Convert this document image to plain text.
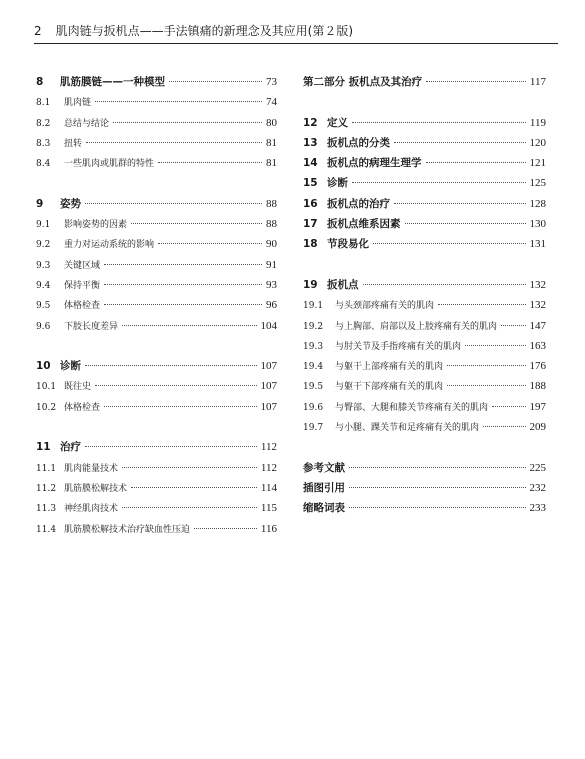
2 肌肉链与扳机点——手法镇痛的新理念及其应用(第２版)
8	肌筋膜链——一种模型	73
8.1	肌肉链	74
8.2	总结与结论	80
8.3	扭转	81
8.4	一些肌肉或肌群的特性	81
9	姿势	88
9.1	影响姿势的因素	88
9.2	重力对运动系统的影响	90
9.3	关键区域	91
9.4	保持平衡	93
9.5	体格检查	96
9.6	下肢长度差异	104
10 诊断	107
10.1 既往史	107
10.2 体格检查	107
11 治疗	112
11.1 肌肉能量技术	112
11.2 肌筋膜松解技术	114
11.3 神经肌肉技术	115
11.4 肌筋膜松解技术治疗缺血性压迫	116
第二部分 扳机点及其治疗	117
12 定义	119
13 扳机点的分类	120
14 扳机点的病理生理学	121
15 诊断	125
16 扳机点的治疗	128
17 扳机点维系因素	130
18 节段易化	131
19 扳机点	132
19.1	与头颈部疼痛有关的肌肉	132
19.2	与上胸部、肩部以及上肢疼痛有关的肌肉	147
19.3	与肘关节及手指疼痛有关的肌肉	163
19.4	与躯干上部疼痛有关的肌肉	176
19.5	与躯干下部疼痛有关的肌肉	188
19.6	与臀部、大腿和膝关节疼痛有关的肌肉	197
19.7	与小腿、踝关节和足疼痛有关的肌肉	209
参考文献	225
插图引用	232
缩略词表	233
